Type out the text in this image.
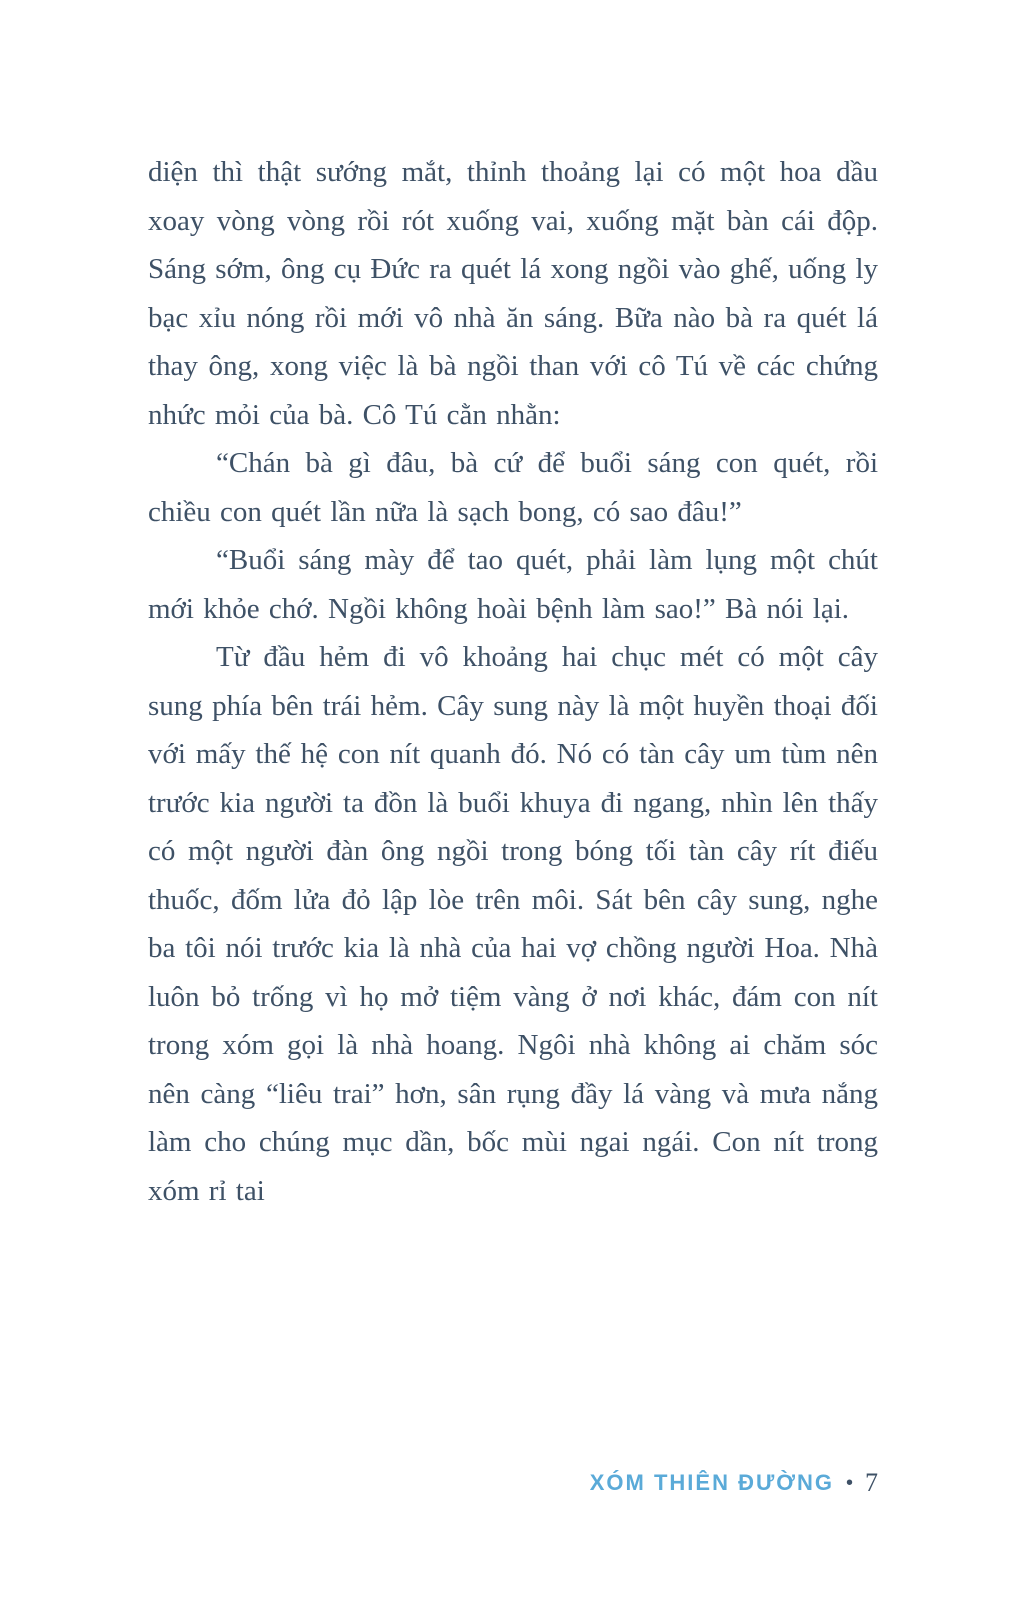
diện thì thật sướng mắt, thỉnh thoảng lại có một hoa dầu xoay vòng vòng rồi rót xuống vai, xuống mặt bàn cái độp. Sáng sớm, ông cụ Đức ra quét lá xong ngồi vào ghế, uống ly bạc xỉu nóng rồi mới vô nhà ăn sáng. Bữa nào bà ra quét lá thay ông, xong việc là bà ngồi than với cô Tú về các chứng nhức mỏi của bà. Cô Tú cằn nhằn:

“Chán bà gì đâu, bà cứ để buổi sáng con quét, rồi chiều con quét lần nữa là sạch bong, có sao đâu!”

“Buổi sáng mày để tao quét, phải làm lụng một chút mới khỏe chớ. Ngồi không hoài bệnh làm sao!” Bà nói lại.

Từ đầu hẻm đi vô khoảng hai chục mét có một cây sung phía bên trái hẻm. Cây sung này là một huyền thoại đối với mấy thế hệ con nít quanh đó. Nó có tàn cây um tùm nên trước kia người ta đồn là buổi khuya đi ngang, nhìn lên thấy có một người đàn ông ngồi trong bóng tối tàn cây rít điếu thuốc, đốm lửa đỏ lập lòe trên môi. Sát bên cây sung, nghe ba tôi nói trước kia là nhà của hai vợ chồng người Hoa. Nhà luôn bỏ trống vì họ mở tiệm vàng ở nơi khác, đám con nít trong xóm gọi là nhà hoang. Ngôi nhà không ai chăm sóc nên càng “liêu trai” hơn, sân rụng đầy lá vàng và mưa nắng làm cho chúng mục dần, bốc mùi ngai ngái. Con nít trong xóm rỉ tai

XÓM THIÊN ĐƯỜNG • 7
